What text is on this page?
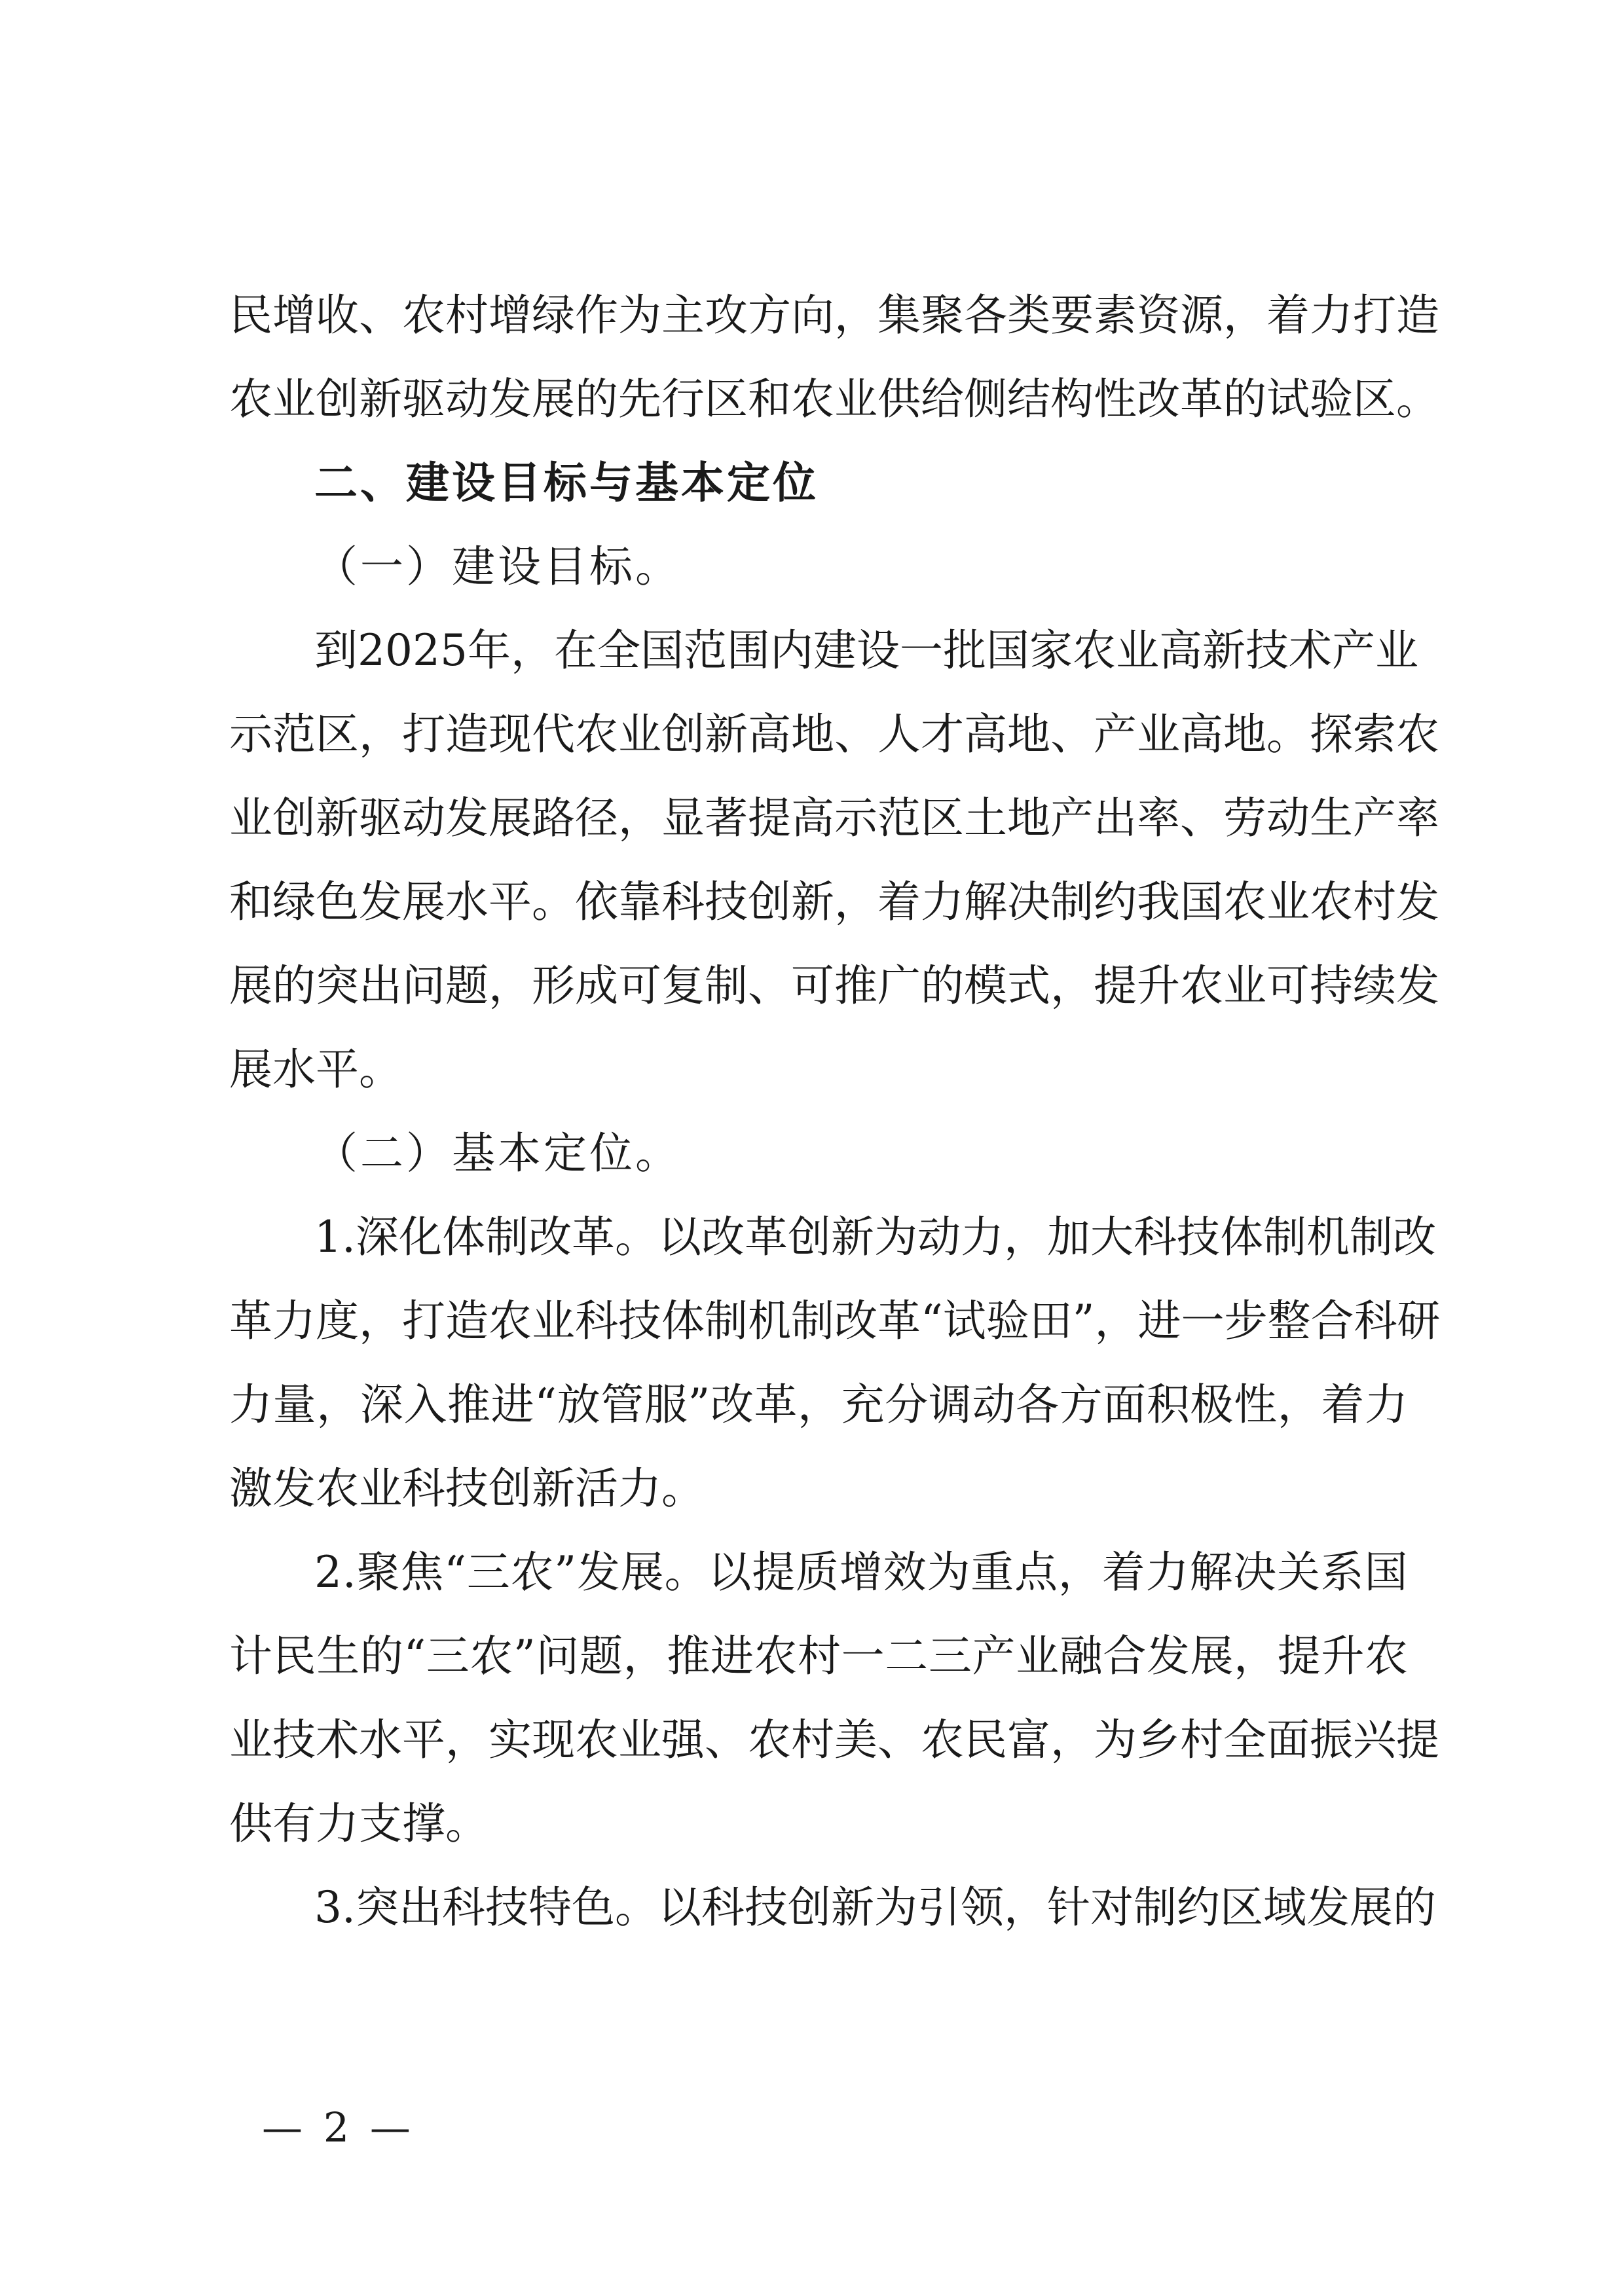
民 增 收 、 农 村 增 绿 作 为 主 攻 方 向 ， 集 聚 各 类 要 素 资 源 ， 着 力 打 造
农 业 创 新 驱 动 发 展 的 先 行 区 和 农 业 供 给 侧 结 构 性 改 革 的 试 验 区 。
二、建设目标与基本定位
（一）建设目标。
到 2 0 2 5 年 ， 在 全 国 范 围 内 建 设 一 批 国 家 农 业 高 新 技 术 产 业
示 范 区 ， 打 造 现 代 农 业 创 新 高 地 、 人 才 高 地 、 产 业 高 地 。 探 索 农
业 创 新 驱 动 发 展 路 径 ， 显 著 提 高 示 范 区 土 地 产 出 率 、 劳 动 生 产 率
和 绿 色 发 展 水 平 。 依 靠 科 技 创 新 ， 着 力 解 决 制 约 我 国 农 业 农 村 发
展 的 突 出 问 题 ， 形 成 可 复 制 、 可 推 广 的 模 式 ， 提 升 农 业 可 持 续 发
展水平。
（二）基本定位。
1 . 深 化 体 制 改 革 。 以 改 革 创 新 为 动 力 ， 加 大 科 技 体 制 机 制 改
革 力 度 ， 打 造 农 业 科 技 体 制 机 制 改 革 “ 试 验 田 ” ， 进 一 步 整 合 科 研
力 量 ， 深 入 推 进 “ 放 管 服 ” 改 革 ， 充 分 调 动 各 方 面 积 极 性 ， 着 力
激发农业科技创新活力。
2 . 聚 焦 “ 三 农 ” 发 展 。 以 提 质 增 效 为 重 点 ， 着 力 解 决 关 系 国
计 民 生 的 “ 三 农 ” 问 题 ， 推 进 农 村 一 二 三 产 业 融 合 发 展 ， 提 升 农
业 技 术 水 平 ， 实 现 农 业 强 、 农 村 美 、 农 民 富 ， 为 乡 村 全 面 振 兴 提
供有力支撑。
3 . 突 出 科 技 特 色 。 以 科 技 创 新 为 引 领 ， 针 对 制 约 区 域 发 展 的
— 2 —
